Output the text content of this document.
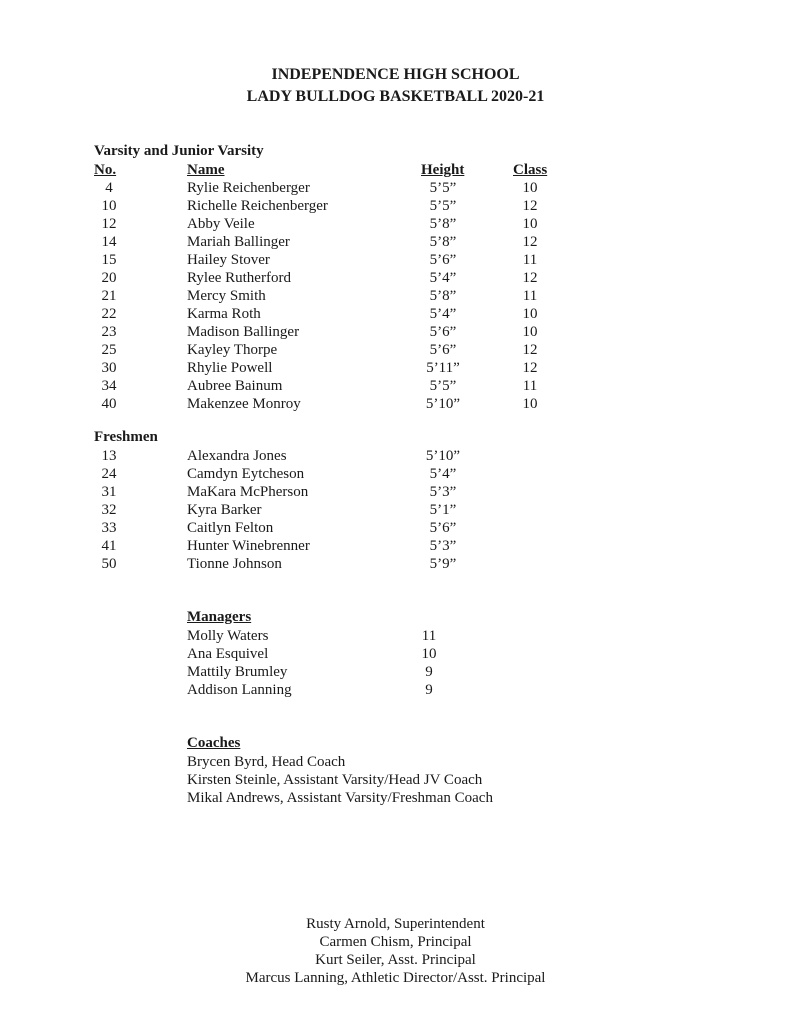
INDEPENDENCE HIGH SCHOOL
LADY BULLDOG BASKETBALL 2020-21
Varsity and Junior Varsity
No.	Name	Height	Class
4	Rylie Reichenberger	5’5”	10
10	Richelle Reichenberger	5’5”	12
12	Abby Veile	5’8”	10
14	Mariah Ballinger	5’8”	12
15	Hailey Stover	5’6”	11
20	Rylee Rutherford	5’4”	12
21	Mercy Smith	5’8”	11
22	Karma Roth	5’4”	10
23	Madison Ballinger	5’6”	10
25	Kayley Thorpe	5’6”	12
30	Rhylie Powell	5’11”	12
34	Aubree Bainum	5’5”	11
40	Makenzee Monroy	5’10”	10
Freshmen
13	Alexandra Jones	5’10”
24	Camdyn Eytcheson	5’4”
31	MaKara McPherson	5’3”
32	Kyra Barker	5’1”
33	Caitlyn Felton	5’6”
41	Hunter Winebrenner	5’3”
50	Tionne Johnson	5’9”
Managers
Molly Waters	11
Ana Esquivel	10
Mattily Brumley	9
Addison Lanning	9
Coaches
Brycen Byrd, Head Coach
Kirsten Steinle, Assistant Varsity/Head JV Coach
Mikal Andrews, Assistant Varsity/Freshman Coach
Rusty Arnold, Superintendent
Carmen Chism, Principal
Kurt Seiler, Asst. Principal
Marcus Lanning, Athletic Director/Asst. Principal
